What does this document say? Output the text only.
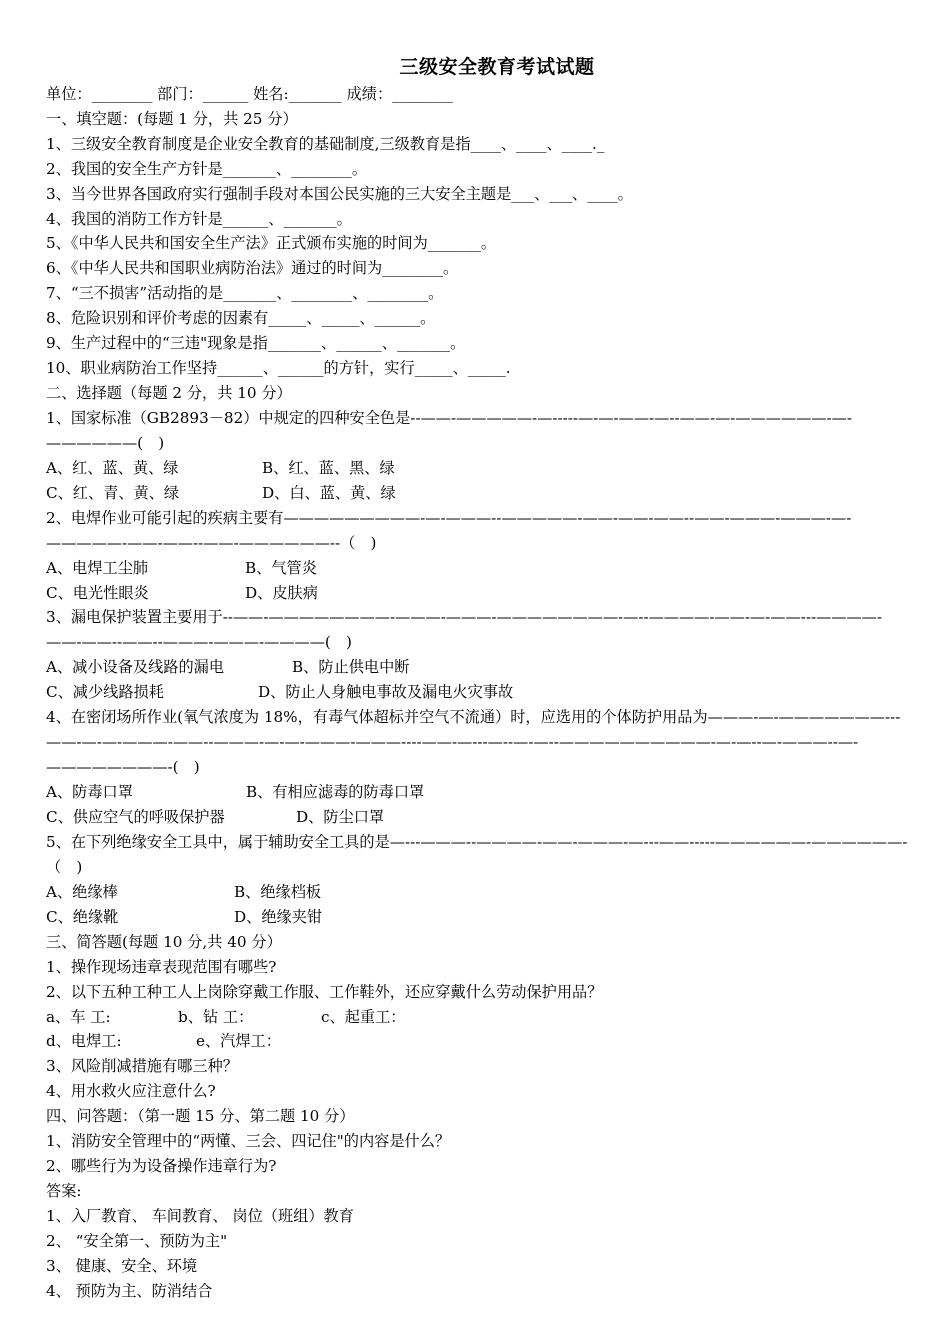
三级安全教育考试试题
单位：________ 部门：______ 姓名:_______ 成绩：________
一、填空题：(每题 1 分，共 25 分）
1、三级安全教育制度是企业安全教育的基础制度,三级教育是指____、____、____._
2、我国的安全生产方针是_______、________。
3、当今世界各国政府实行强制手段对本国公民实施的三大安全主题是___、___、____。
4、我国的消防工作方针是______、_______。
5、《中华人民共和国安全生产法》正式颁布实施的时间为_______。
6、《中华人民共和国职业病防治法》通过的时间为________。
7、“三不损害”活动指的是_______、________、________。
8、危险识别和评价考虑的因素有_____、_____、______。
9、生产过程中的“三违"现象是指_______、______、_______。
10、职业病防治工作坚持______、______的方针，实行_____、_____.
二、选择题（每题 2 分，共 10 分）
1、国家标准（GB2893－82）中规定的四种安全色是--——-—————-—-----—-—-——-—--——-—-——————-—-——————(　)
A、红、蓝、黄、绿	B、红、蓝、黑、绿
C、红、青、黄、绿	D、白、蓝、黄、绿
2、电焊作业可能引起的疾病主要有—————————-—-———--—————-——-——-——--——-———-———-—-—————-——-——--——-——————--（　)
A、电焊工尘肺	B、气管炎
C、电光性眼炎	D、皮肤病
3、漏电保护装置主要用于--——-————————-———-———-————————-—--————-——-—-——---————-——-——--——--———-———-————(　)
A、减小设备及线路的漏电	B、防止供电中断
C、减少线路损耗	D、防止人身触电事故及漏电火灾事故
4、在密闭场所作业(氧气浓度为 18%，有毒气体超标并空气不流通）时，应选用的个体防护用品为———-—-———————---——-—-—-———-——--———-—-—-———-———----——-—---—--—-—--——————————-—-—--—-———--—-————————-(　)
A、防毒口罩	B、有相应滤毒的防毒口罩
C、供应空气的呼吸保护器	D、防尘口罩
5、在下列绝缘安全工具中，属于辅助安全工具的是—---———--————-——-———-—---——-----——————-——————-（　)
A、绝缘棒	B、绝缘档板
C、绝缘靴	D、绝缘夹钳
三、简答题(每题 10 分,共 40 分）
1、操作现场违章表现范围有哪些?
2、以下五种工种工人上岗除穿戴工作服、工作鞋外，还应穿戴什么劳动保护用品？
a、车 工:	b、钻 工：	c、起重工：
d、电焊工:	e、汽焊工：
3、风险削减措施有哪三种？
4、用水救火应注意什么?
四、问答题：（第一题 15 分、第二题 10 分）
1、消防安全管理中的“两懂、三会、四记住"的内容是什么？
2、哪些行为为设备操作违章行为?
答案:
1、入厂教育、 车间教育、 岗位（班组）教育
2、 “安全第一、预防为主"
3、 健康、安全、环境
4、 预防为主、防消结合
